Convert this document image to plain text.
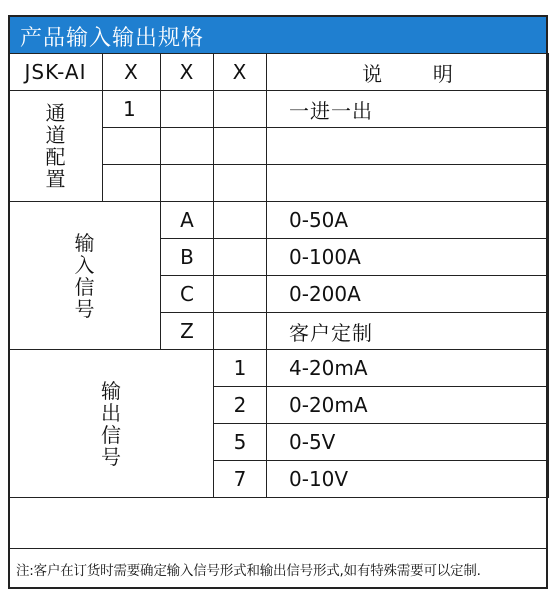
产品输入输出规格
JSK-AI	X	X	X	说        明
通道配置	1			一进一出

输入信号		A		0-50A
		B		0-100A
		C		0-200A
		Z		客户定制
输出信号			1	4-20mA
			2	0-20mA
			5	0-5V
			7	0-10V
注:客户在订货时需要确定输入信号形式和输出信号形式,如有特殊需要可以定制.
